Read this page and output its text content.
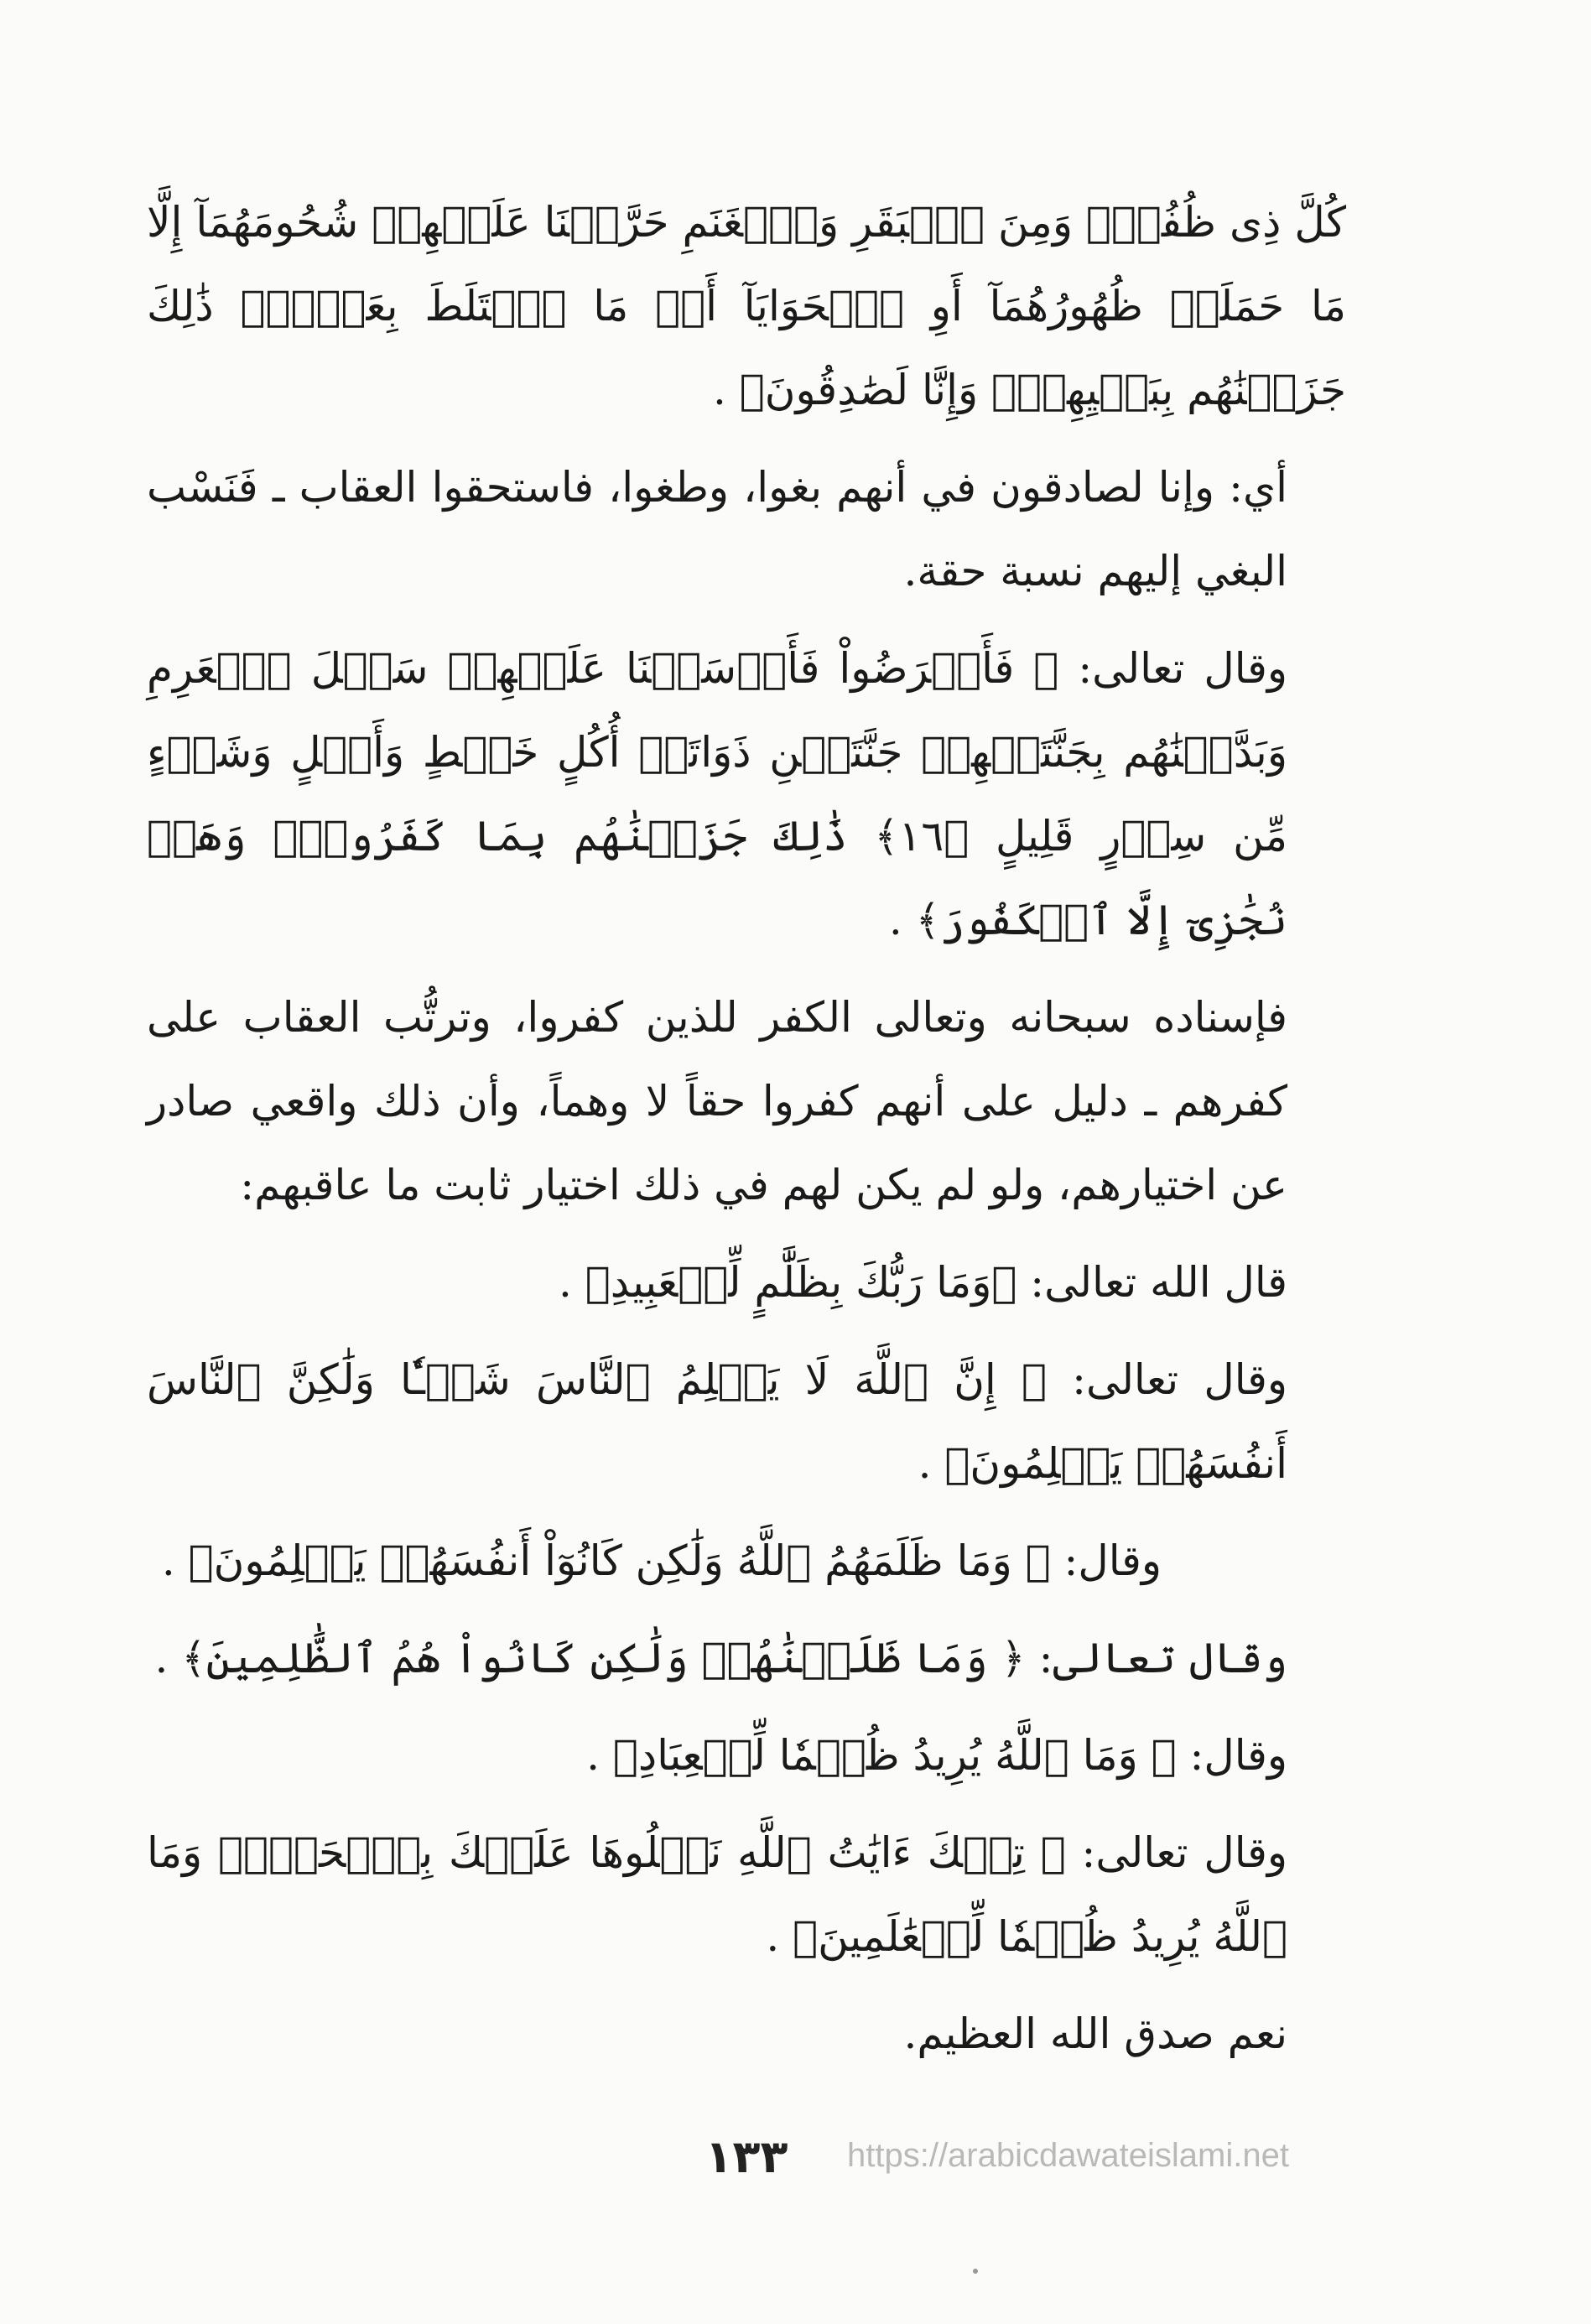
كُلَّ ذِى ظُفُرٍۖ وَمِنَ ٱلۡبَقَرِ وَٱلۡغَنَمِ حَرَّمۡنَا عَلَيۡهِمۡ شُحُومَهُمَآ إِلَّا مَا حَمَلَتۡ ظُهُورُهُمَآ أَوِ ٱلۡحَوَايَآ أَوۡ مَا ٱخۡتَلَطَ بِعَظۡمٍۚ ذَٰلِكَ جَزَيۡنَٰهُم بِبَغۡيِهِمۡۖ وَإِنَّا لَصَٰدِقُونَ﴾ .

أي: وإنا لصادقون في أنهم بغوا، وطغوا، فاستحقوا العقاب ـ فَنَسْب البغي إليهم نسبة حقة.

وقال تعالى: ﴿ فَأَعۡرَضُواْ فَأَرۡسَلۡنَا عَلَيۡهِمۡ سَيۡلَ ٱلۡعَرِمِ وَبَدَّلۡنَٰهُم بِجَنَّتَيۡهِمۡ جَنَّتَيۡنِ ذَوَاتَىۡ أُكُلٍ خَمۡطٍ وَأَثۡلٍ وَشَىۡءٍ مِّن سِدۡرٍ قَلِيلٍ ﴿١٦﴾ ذَٰلِكَ جَزَيۡنَٰهُم بِمَا كَفَرُواْۖ وَهَلۡ نُجَٰزِىٓ إِلَّا ٱلۡكَفُورَ﴾ .

فإسناده سبحانه وتعالى الكفر للذين كفروا، وترتُّب العقاب على كفرهم ـ دليل على أنهم كفروا حقاً لا وهماً، وأن ذلك واقعي صادر عن اختيارهم، ولو لم يكن لهم في ذلك اختيار ثابت ما عاقبهم:

قال الله تعالى: ﴿وَمَا رَبُّكَ بِظَلَّٰمٍ لِّلۡعَبِيدِ﴾ .

وقال تعالى: ﴿ إِنَّ ٱللَّهَ لَا يَظۡلِمُ ٱلنَّاسَ شَيۡـٔٗا وَلَٰكِنَّ ٱلنَّاسَ أَنفُسَهُمۡ يَظۡلِمُونَ﴾ .

وقال: ﴿ وَمَا ظَلَمَهُمُ ٱللَّهُ وَلَٰكِن كَانُوٓاْ أَنفُسَهُمۡ يَظۡلِمُونَ﴾ .

وقال تعالى: ﴿ وَمَا ظَلَمۡنَٰهُمۡ وَلَٰكِن كَانُواْ هُمُ ٱلظَّٰلِمِينَ﴾ .

وقال: ﴿ وَمَا ٱللَّهُ يُرِيدُ ظُلۡمٗا لِّلۡعِبَادِ﴾ .

وقال تعالى: ﴿ تِلۡكَ ءَايَٰتُ ٱللَّهِ نَتۡلُوهَا عَلَيۡكَ بِٱلۡحَقِّۗ وَمَا ٱللَّهُ يُرِيدُ ظُلۡمٗا لِّلۡعَٰلَمِينَ﴾ .

نعم صدق الله العظيم.

١٣٣	https://arabicdawateislami.net
